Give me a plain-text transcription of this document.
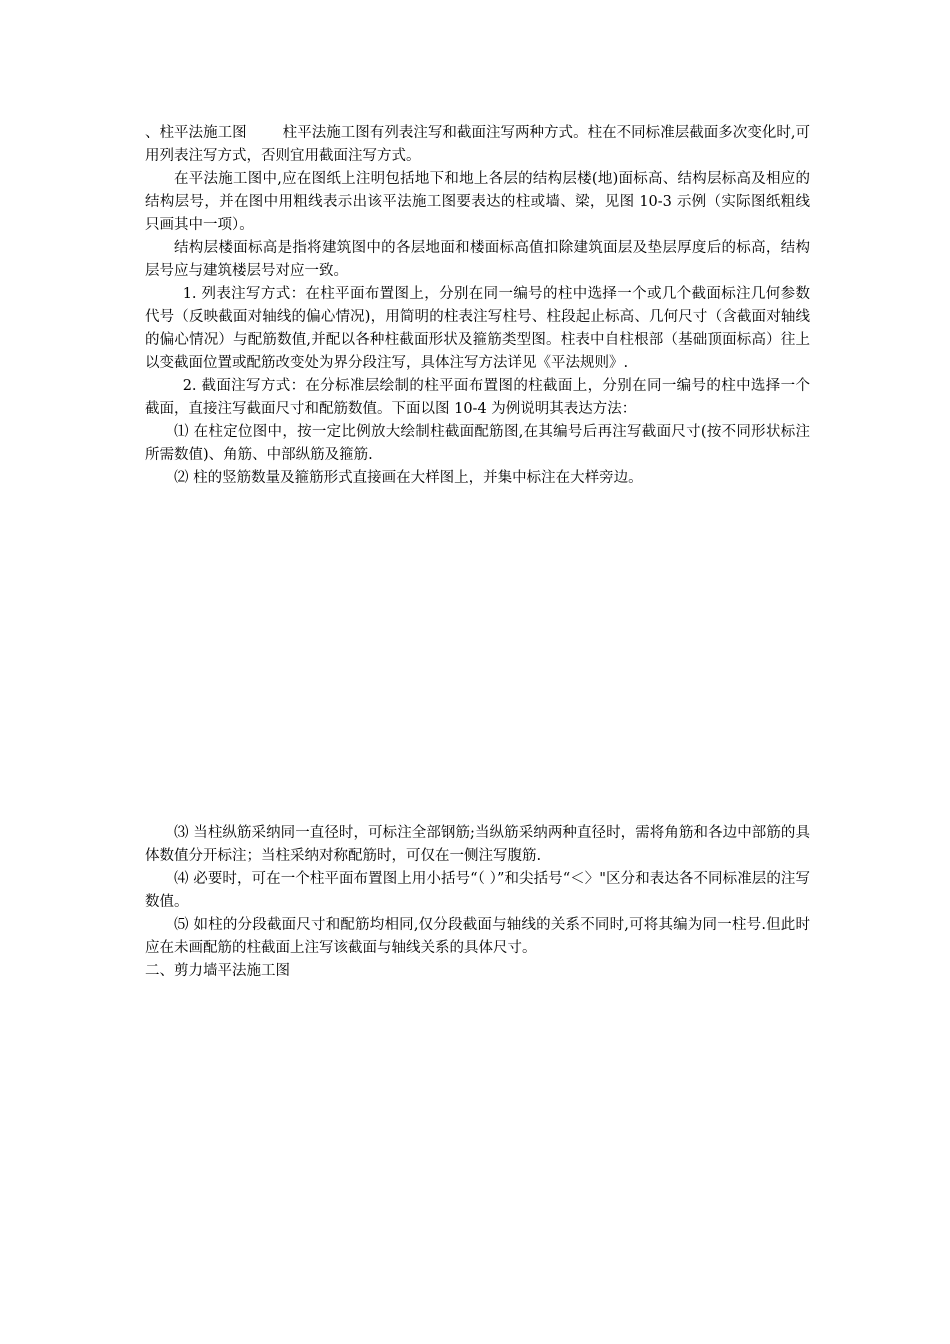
、柱平法施工图 柱平法施工图有列表注写和截面注写两种方式。柱在不同标准层截面多次变化时,可用列表注写方式，否则宜用截面注写方式。

在平法施工图中,应在图纸上注明包括地下和地上各层的结构层楼(地)面标高、结构层标高及相应的结构层号，并在图中用粗线表示出该平法施工图要表达的柱或墙、梁，见图 10-3 示例（实际图纸粗线只画其中一项）。

结构层楼面标高是指将建筑图中的各层地面和楼面标高值扣除建筑面层及垫层厚度后的标高，结构层号应与建筑楼层号对应一致。

1. 列表注写方式：在柱平面布置图上，分别在同一编号的柱中选择一个或几个截面标注几何参数代号（反映截面对轴线的偏心情况)，用简明的柱表注写柱号、柱段起止标高、几何尺寸（含截面对轴线的偏心情况）与配筋数值,并配以各种柱截面形状及箍筋类型图。柱表中自柱根部（基础顶面标高）往上以变截面位置或配筋改变处为界分段注写，具体注写方法详见《平法规则》.

2. 截面注写方式：在分标准层绘制的柱平面布置图的柱截面上，分别在同一编号的柱中选择一个截面，直接注写截面尺寸和配筋数值。下面以图 10-4 为例说明其表达方法：

⑴ 在柱定位图中，按一定比例放大绘制柱截面配筋图,在其编号后再注写截面尺寸(按不同形状标注所需数值)、角筋、中部纵筋及箍筋.

⑵ 柱的竖筋数量及箍筋形式直接画在大样图上，并集中标注在大样旁边。

⑶ 当柱纵筋采纳同一直径时，可标注全部钢筋;当纵筋采纳两种直径时，需将角筋和各边中部筋的具体数值分开标注；当柱采纳对称配筋时，可仅在一侧注写腹筋.

⑷ 必要时，可在一个柱平面布置图上用小括号“（ ）”和尖括号“＜〉"区分和表达各不同标准层的注写数值。

⑸ 如柱的分段截面尺寸和配筋均相同,仅分段截面与轴线的关系不同时,可将其编为同一柱号.但此时应在未画配筋的柱截面上注写该截面与轴线关系的具体尺寸。

二、剪力墙平法施工图
